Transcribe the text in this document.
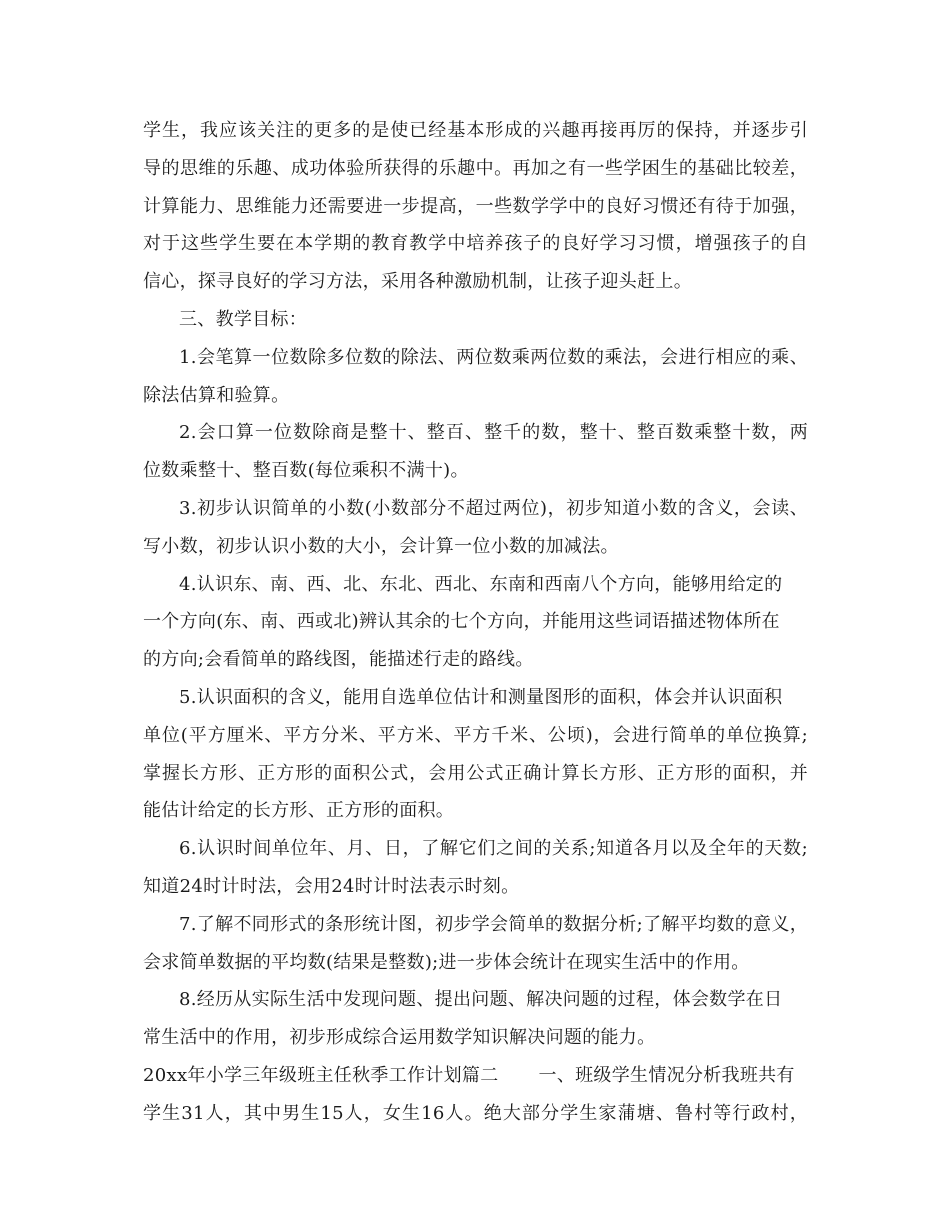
学生，我应该关注的更多的是使已经基本形成的兴趣再接再厉的保持，并逐步引
导的思维的乐趣、成功体验所获得的乐趣中。再加之有一些学困生的基础比较差，
计算能力、思维能力还需要进一步提高，一些数学学中的良好习惯还有待于加强，
对于这些学生要在本学期的教育教学中培养孩子的良好学习习惯，增强孩子的自
信心，探寻良好的学习方法，采用各种激励机制，让孩子迎头赶上。
三、教学目标：
1.会笔算一位数除多位数的除法、两位数乘两位数的乘法，会进行相应的乘、
除法估算和验算。
2.会口算一位数除商是整十、整百、整千的数，整十、整百数乘整十数，两
位数乘整十、整百数(每位乘积不满十)。
3.初步认识简单的小数(小数部分不超过两位)，初步知道小数的含义，会读、
写小数，初步认识小数的大小，会计算一位小数的加减法。
4.认识东、南、西、北、东北、西北、东南和西南八个方向，能够用给定的
一个方向(东、南、西或北)辨认其余的七个方向，并能用这些词语描述物体所在
的方向;会看简单的路线图，能描述行走的路线。
5.认识面积的含义，能用自选单位估计和测量图形的面积，体会并认识面积
单位(平方厘米、平方分米、平方米、平方千米、公顷)，会进行简单的单位换算;
掌握长方形、正方形的面积公式，会用公式正确计算长方形、正方形的面积，并
能估计给定的长方形、正方形的面积。
6.认识时间单位年、月、日，了解它们之间的关系;知道各月以及全年的天数;
知道24时计时法，会用24时计时法表示时刻。
7.了解不同形式的条形统计图，初步学会简单的数据分析;了解平均数的意义，
会求简单数据的平均数(结果是整数);进一步体会统计在现实生活中的作用。
8.经历从实际生活中发现问题、提出问题、解决问题的过程，体会数学在日
常生活中的作用，初步形成综合运用数学知识解决问题的能力。
20xx年小学三年级班主任秋季工作计划篇二 一、班级学生情况分析我班共有
学生31人，其中男生15人，女生16人。绝大部分学生家蒲塘、鲁村等行政村，
